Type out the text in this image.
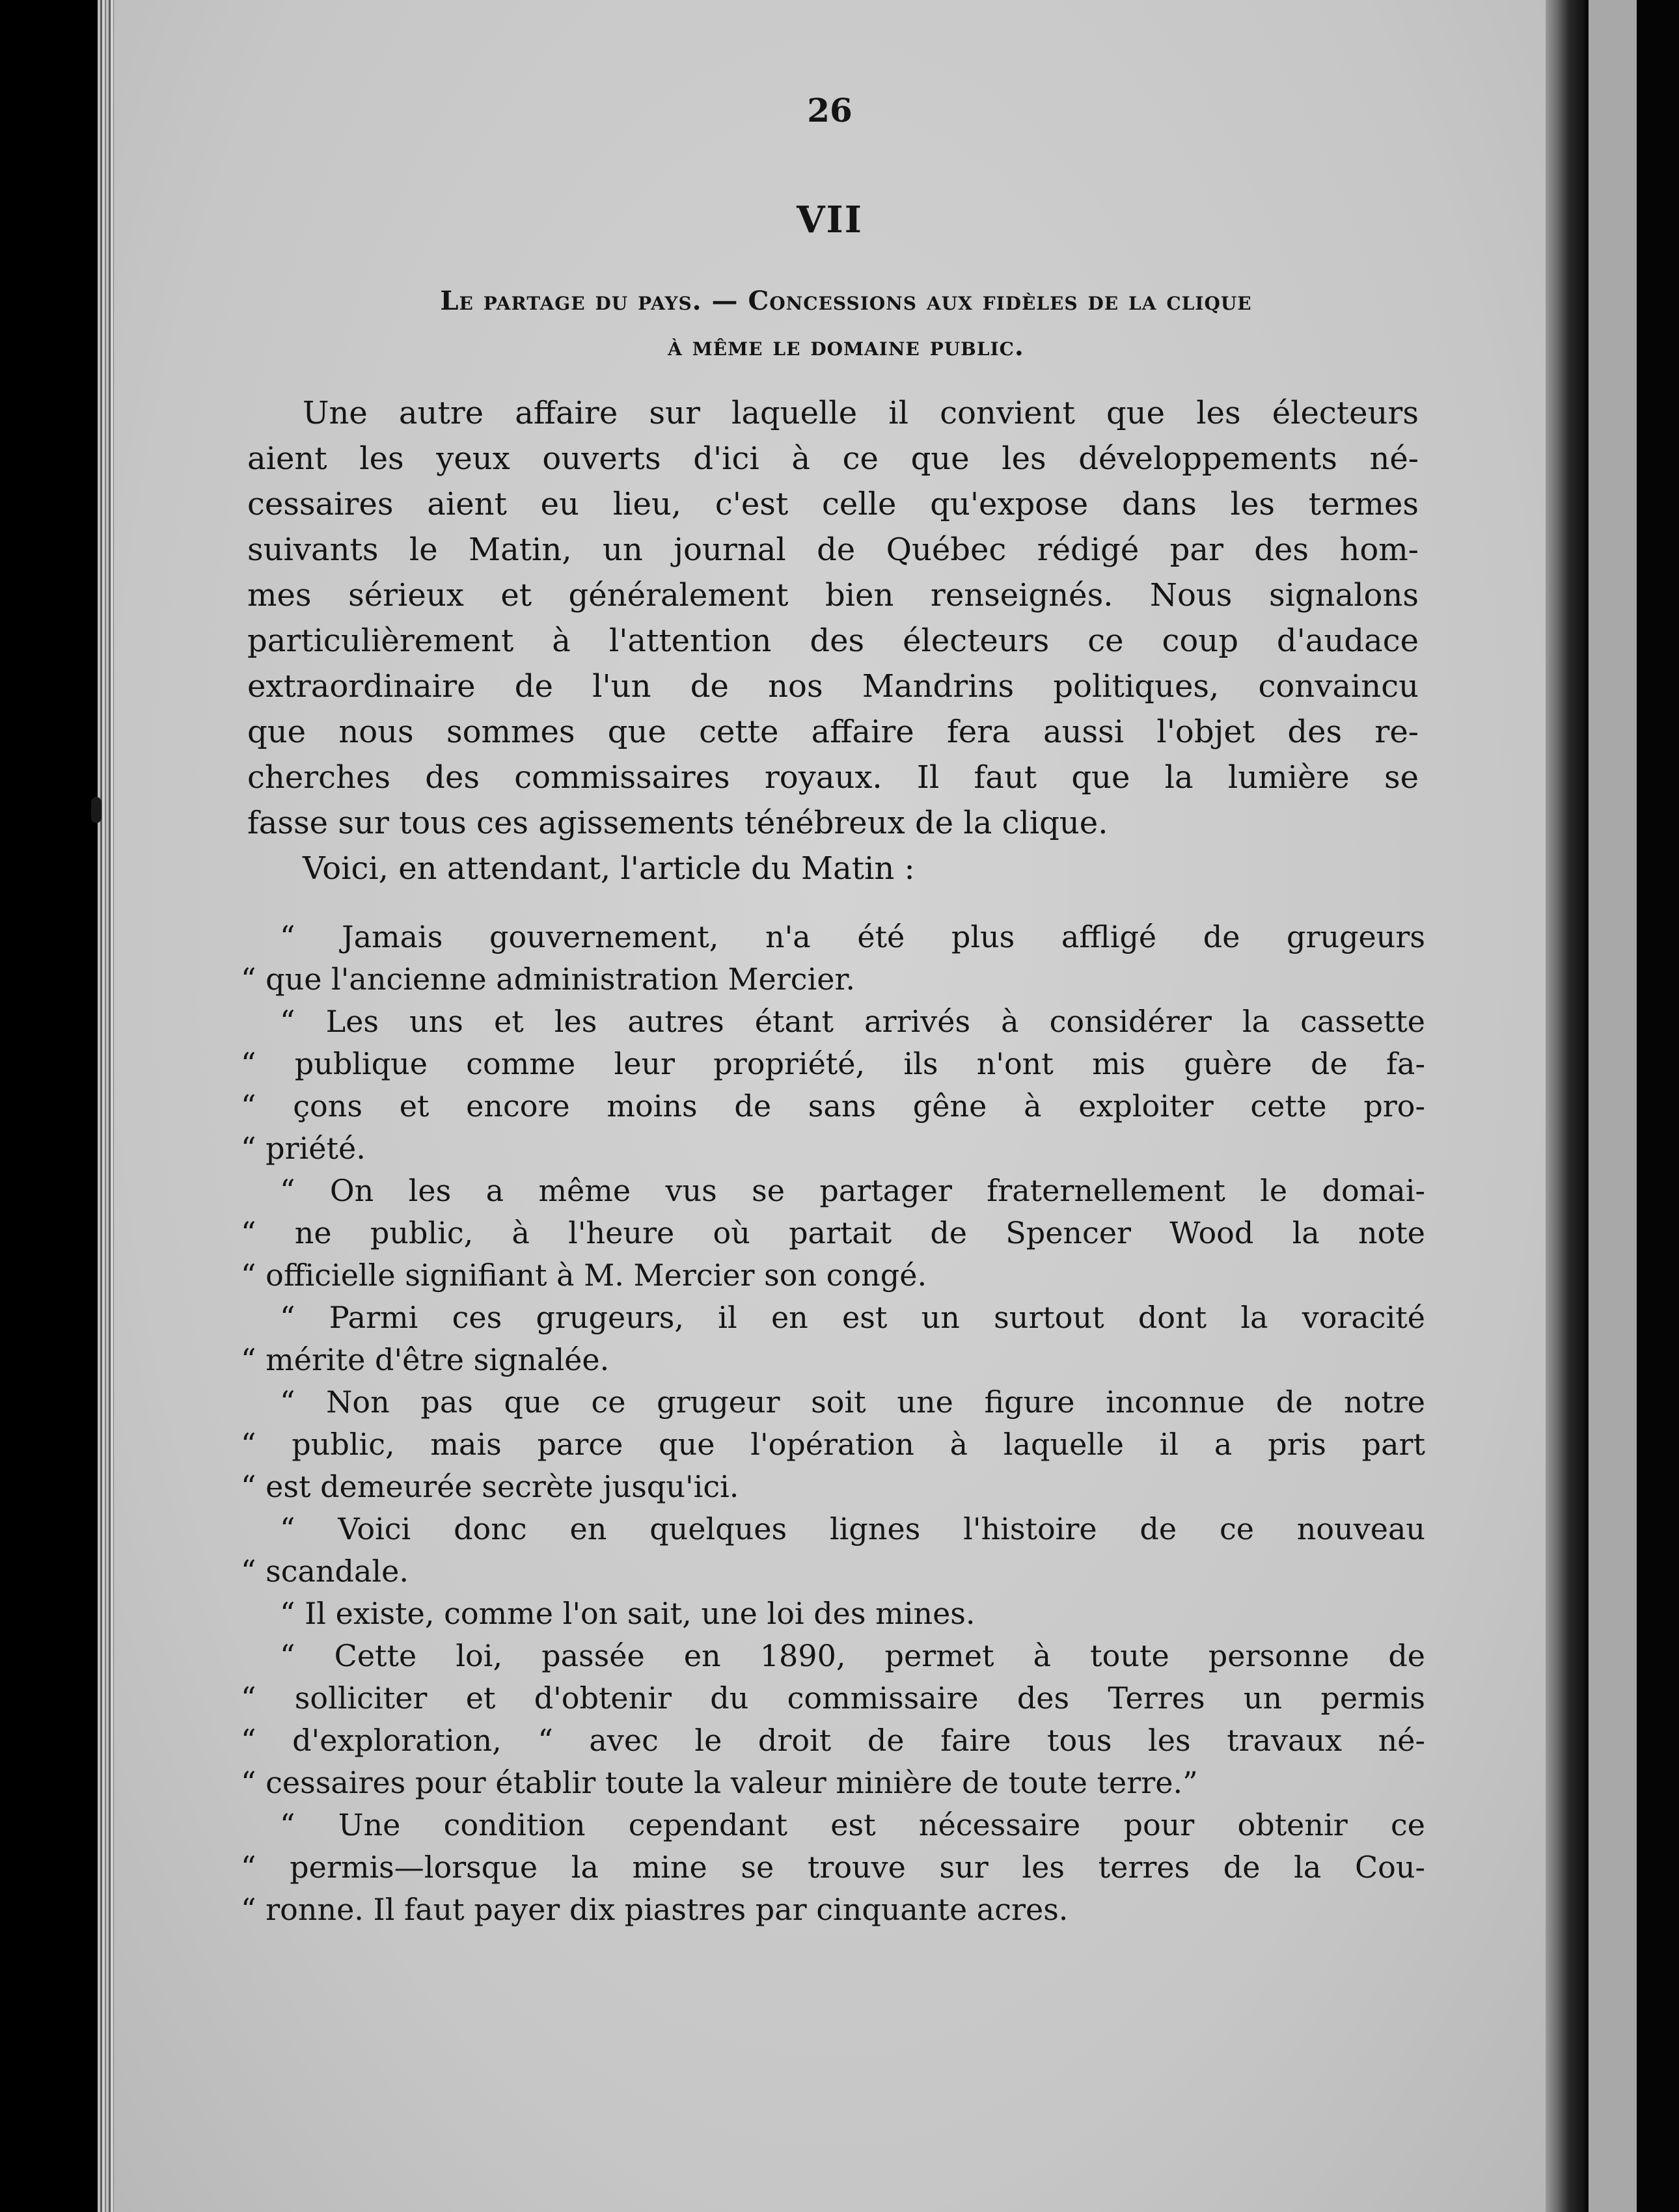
26
VII
Le partage du pays. — Concessions aux fidèles de la clique
à même le domaine public.
Une autre affaire sur laquelle il convient que les électeurs
aient les yeux ouverts d'ici à ce que les développements né-
cessaires aient eu lieu, c'est celle qu'expose dans les termes
suivants le Matin, un journal de Québec rédigé par des hom-
mes sérieux et généralement bien renseignés. Nous signalons
particulièrement à l'attention des électeurs ce coup d'audace
extraordinaire de l'un de nos Mandrins politiques, convaincu
que nous sommes que cette affaire fera aussi l'objet des re-
cherches des commissaires royaux. Il faut que la lumière se
fasse sur tous ces agissements ténébreux de la clique.
Voici, en attendant, l'article du Matin :
“ Jamais gouvernement, n'a été plus affligé de grugeurs
“ que l'ancienne administration Mercier.
“ Les uns et les autres étant arrivés à considérer la cassette
“ publique comme leur propriété, ils n'ont mis guère de fa-
“ çons et encore moins de sans gêne à exploiter cette pro-
“ priété.
“ On les a même vus se partager fraternellement le domai-
“ ne public, à l'heure où partait de Spencer Wood la note
“ officielle signifiant à M. Mercier son congé.
“ Parmi ces grugeurs, il en est un surtout dont la voracité
“ mérite d'être signalée.
“ Non pas que ce grugeur soit une figure inconnue de notre
“ public, mais parce que l'opération à laquelle il a pris part
“ est demeurée secrète jusqu'ici.
“ Voici donc en quelques lignes l'histoire de ce nouveau
“ scandale.
“ Il existe, comme l'on sait, une loi des mines.
“ Cette loi, passée en 1890, permet à toute personne de
“ solliciter et d'obtenir du commissaire des Terres un permis
“ d'exploration, “ avec le droit de faire tous les travaux né-
“ cessaires pour établir toute la valeur minière de toute terre.”
“ Une condition cependant est nécessaire pour obtenir ce
“ permis—lorsque la mine se trouve sur les terres de la Cou-
“ ronne. Il faut payer dix piastres par cinquante acres.
